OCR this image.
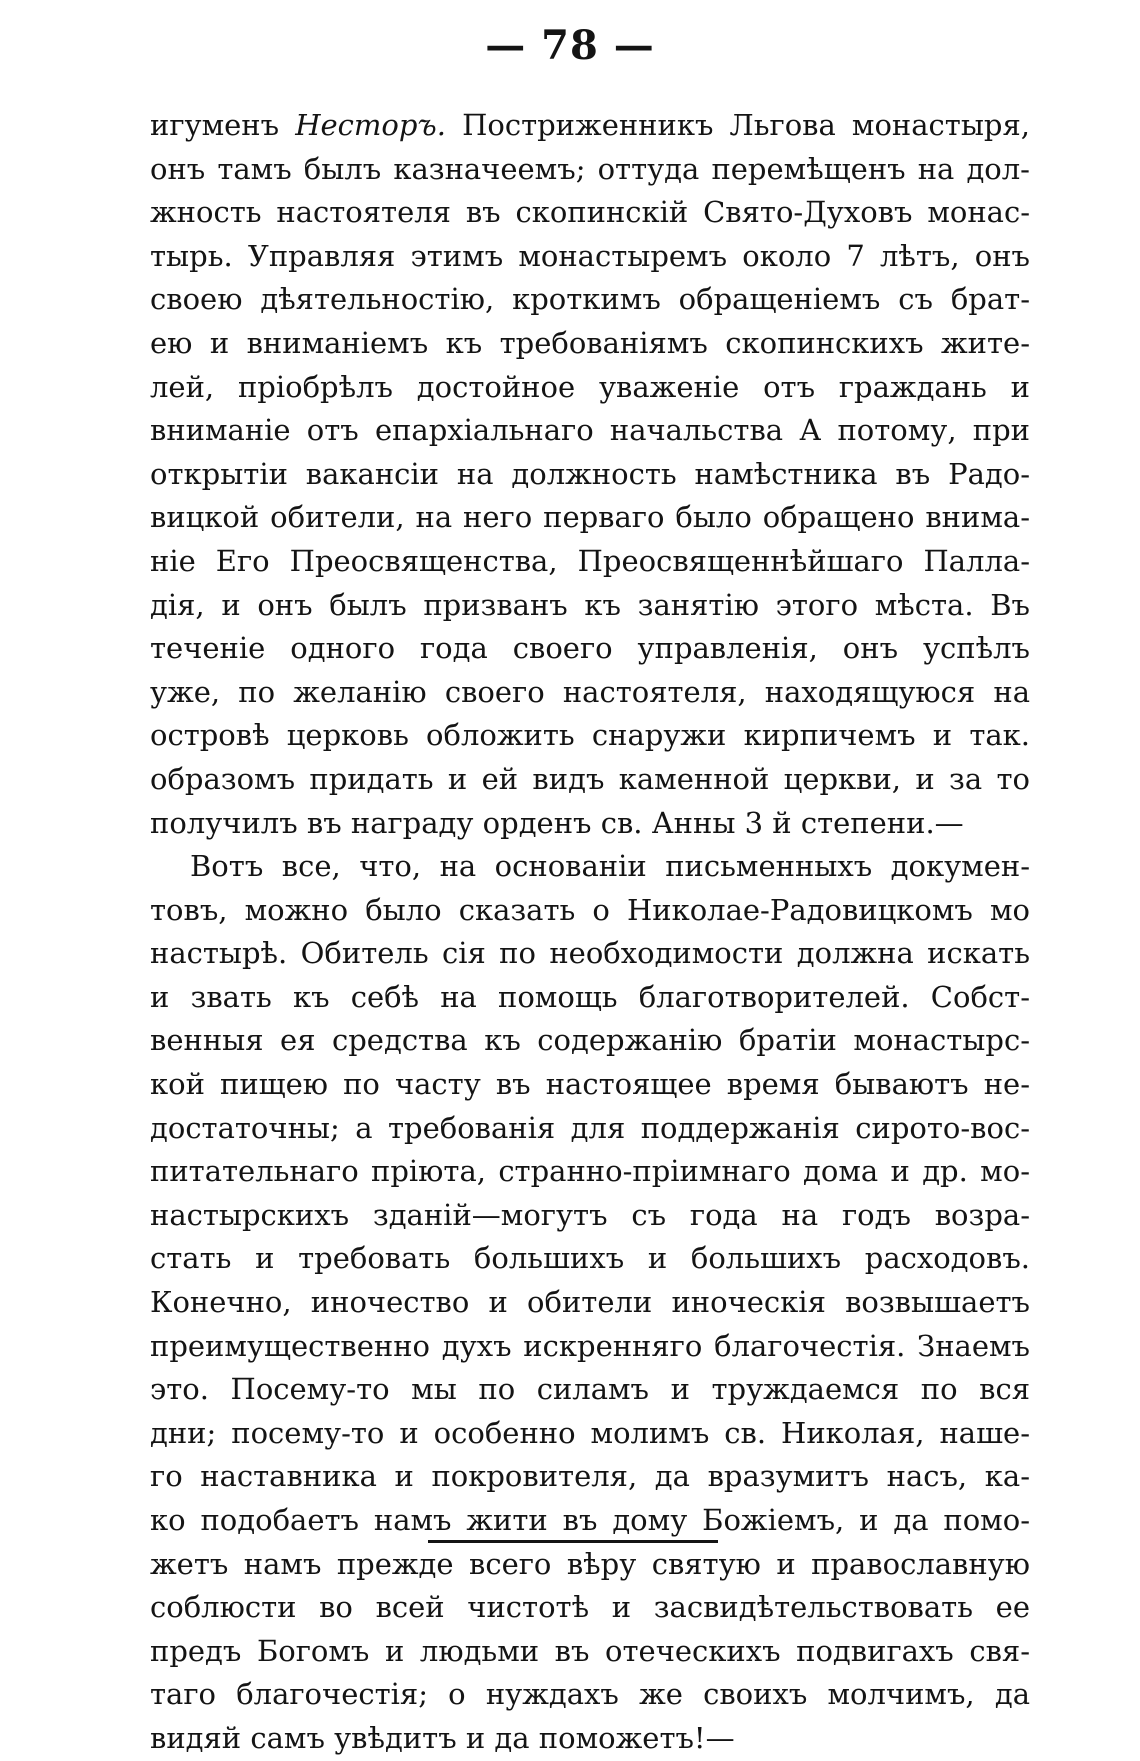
— 78 —
игуменъ Несторъ. Постриженникъ Льгова монастыря,
онъ тамъ былъ казначеемъ; оттуда перемѣщенъ на дол-
жность настоятеля въ скопинскій Свято-Духовъ монас-
тырь. Управляя этимъ монастыремъ около 7 лѣтъ, онъ
своею дѣятельностію, кроткимъ обращеніемъ съ брат-
ею и вниманіемъ къ требованіямъ скопинскихъ жите-
лей, пріобрѣлъ достойное уваженіе отъ граждань и
вниманіе отъ епархіальнаго начальства А потому, при
открытіи вакансіи на должность намѣстника въ Радо-
вицкой обители, на него перваго было обращено внима-
ніе Его Преосвященства, Преосвященнѣйшаго Палла-
дія, и онъ былъ призванъ къ занятію этого мѣста. Въ
теченіе одного года своего управленія, онъ успѣлъ
уже, по желанію своего настоятеля, находящуюся на
островѣ церковь обложить снаружи кирпичемъ и так.
образомъ придать и ей видъ каменной церкви, и за то
получилъ въ награду орденъ св. Анны 3 й степени.—
Вотъ все, что, на основаніи письменныхъ докумен-
товъ, можно было сказать о Николае-Радовицкомъ мо
настырѣ. Обитель сія по необходимости должна искать
и звать къ себѣ на помощь благотворителей. Собст-
венныя ея средства къ содержанію братіи монастырс-
кой пищею по часту въ настоящее время бываютъ не-
достаточны; а требованія для поддержанія сирото-вос-
питательнаго пріюта, странно-пріимнаго дома и др. мо-
настырскихъ зданій—могутъ съ года на годъ возра-
стать и требовать большихъ и большихъ расходовъ.
Конечно, иночество и обители иноческія возвышаетъ
преимущественно духъ искренняго благочестія. Знаемъ
это. Посему-то мы по силамъ и труждаемся по вся
дни; посему-то и особенно молимъ св. Николая, наше-
го наставника и покровителя, да вразумитъ насъ, ка-
ко подобаетъ намъ жити въ дому Божіемъ, и да помо-
жетъ намъ прежде всего вѣру святую и православную
соблюсти во всей чистотѣ и засвидѣтельствовать ее
предъ Богомъ и людьми въ отеческихъ подвигахъ свя-
таго благочестія; о нуждахъ же своихъ молчимъ, да
видяй самъ увѣдитъ и да поможетъ!—
